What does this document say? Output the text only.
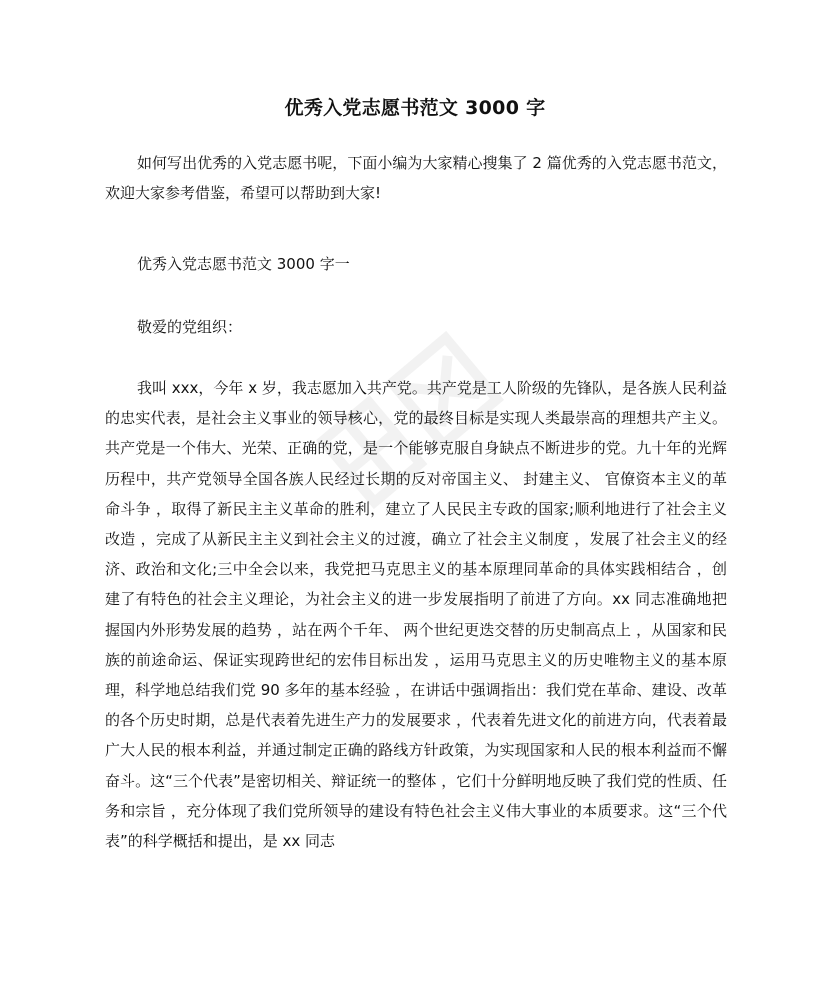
优秀入党志愿书范文 3000 字

如何写出优秀的入党志愿书呢，下面小编为大家精心搜集了 2 篇优秀的入党志愿书范文，欢迎大家参考借鉴，希望可以帮助到大家!

优秀入党志愿书范文 3000 字一

敬爱的党组织：

我叫 xxx，今年 x 岁，我志愿加入共产党。共产党是工人阶级的先锋队，是各族人民利益的忠实代表，是社会主义事业的领导核心，党的最终目标是实现人类最崇高的理想共产主义。共产党是一个伟大、光荣、正确的党，是一个能够克服自身缺点不断进步的党。九十年的光辉历程中，共产党领导全国各族人民经过长期的反对帝国主义、 封建主义、 官僚资本主义的革命斗争 ，取得了新民主主义革命的胜利，建立了人民民主专政的国家;顺利地进行了社会主义改造 ，完成了从新民主主义到社会主义的过渡，确立了社会主义制度 ，发展了社会主义的经济、政治和文化;三中全会以来，我党把马克思主义的基本原理同革命的具体实践相结合 ，创建了有特色的社会主义理论，为社会主义的进一步发展指明了前进了方向。xx 同志准确地把握国内外形势发展的趋势 ，站在两个千年、 两个世纪更迭交替的历史制高点上 ，从国家和民族的前途命运、保证实现跨世纪的宏伟目标出发 ，运用马克思主义的历史唯物主义的基本原理，科学地总结我们党 90 多年的基本经验 ，在讲话中强调指出：我们党在革命、建设、改革的各个历史时期，总是代表着先进生产力的发展要求 ，代表着先进文化的前进方向，代表着最广大人民的根本利益，并通过制定正确的路线方针政策，为实现国家和人民的根本利益而不懈奋斗。这“三个代表”是密切相关、辩证统一的整体 ，它们十分鲜明地反映了我们党的性质、任务和宗旨 ，充分体现了我们党所领导的建设有特色社会主义伟大事业的本质要求。这“三个代表”的科学概括和提出，是 xx 同志
